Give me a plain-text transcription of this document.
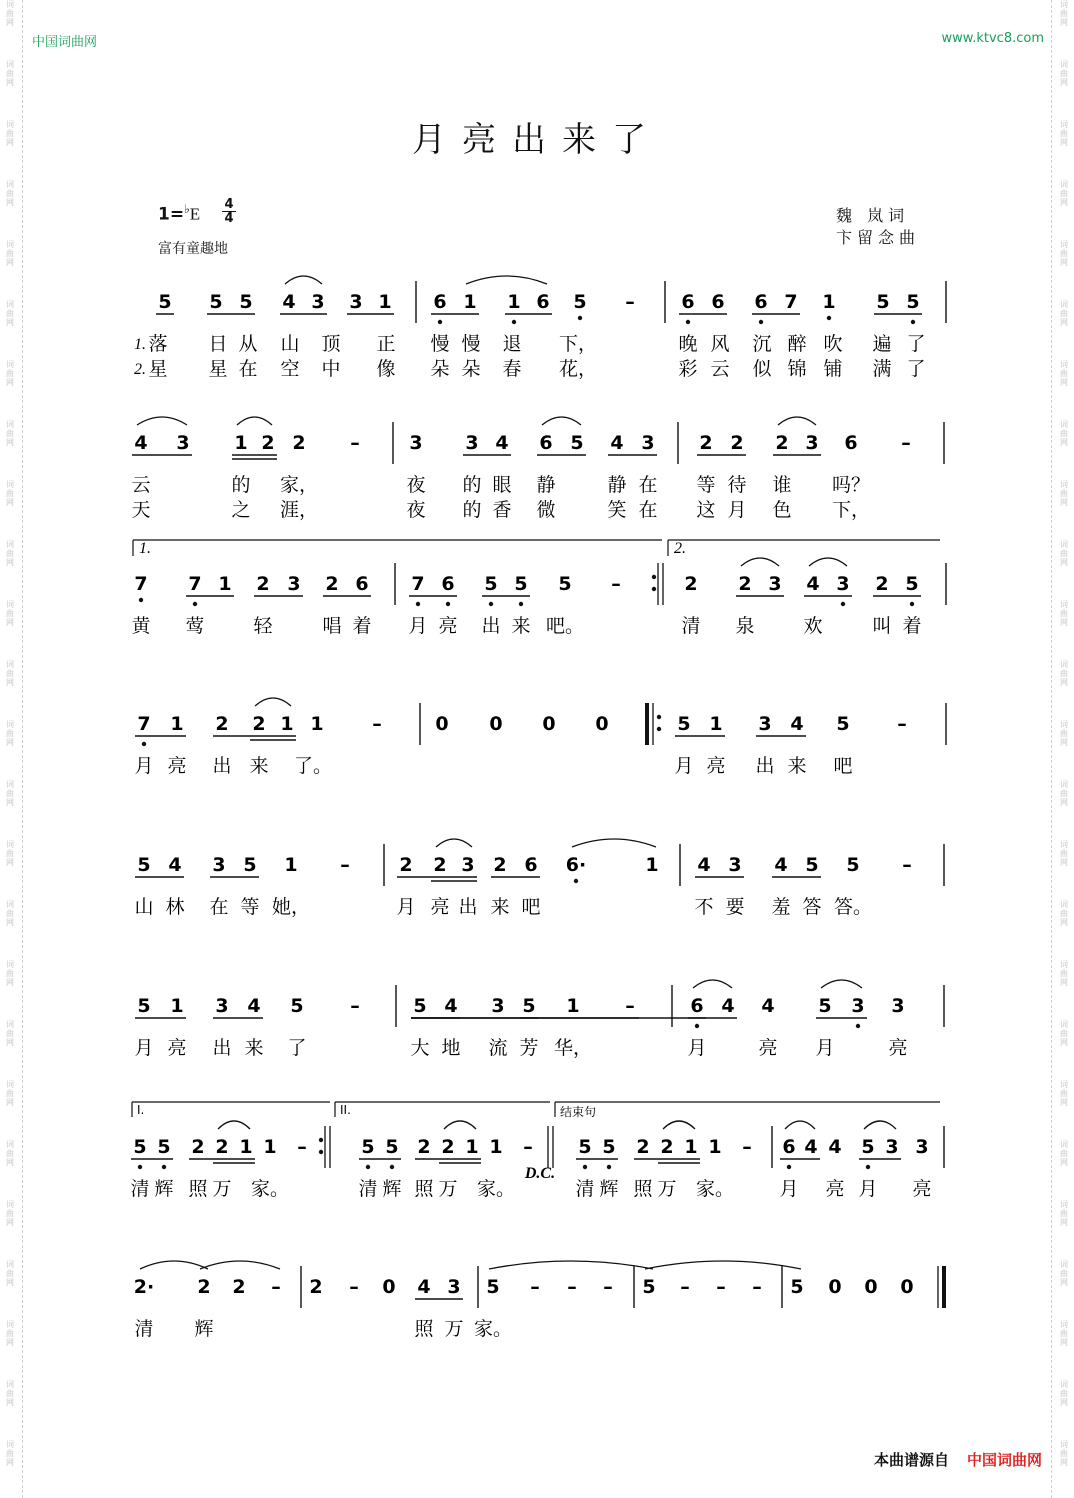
词
曲
网
词
曲
网
词
曲
网
词
曲
网
词
曲
网
词
曲
网
词
曲
网
词
曲
网
词
曲
网
词
曲
网
词
曲
网
词
曲
网
词
曲
网
词
曲
网
词
曲
网
词
曲
网
词
曲
网
词
曲
网
词
曲
网
词
曲
网
词
曲
网
词
曲
网
词
曲
网
词
曲
网
词
曲
网
词
曲
网
词
曲
网
词
曲
网
词
曲
网
词
曲
网
词
曲
网
词
曲
网
词
曲
网
词
曲
网
词
曲
网
词
曲
网
词
曲
网
词
曲
网
词
曲
网
词
曲
网
词
曲
网
词
曲
网
词
曲
网
词
曲
网
词
曲
网
词
曲
网
词
曲
网
词
曲
网
词
曲
网
词
曲
网
中国词曲网	www.ktvc8.com
月亮出来了
1=♭E
4
4
富有童趣地
魏 岚词
卞留念曲
5 5 5 4 3 3 1 6 1 1 6 5 – 6 6 6 7 1 5 5
落 日 从 山 顶 正 慢 慢 退 下，	晚 风 沉 醉 吹 遍 了
星 星 在 空 中 像 朵 朵 春 花，	彩 云 似 锦 铺 满 了
4 3 1 2 2 –	3 3 4 6 5 4 3 2 2 2 3 6 –
云	的 家，	夜 的 眼 静	静 在 等 待 谁 吗？
天	之 涯，	夜 的 香 微	笑 在 这 月 色 下，
7 7 1 2 3 2 6 7 6 5 5 5 –	2 2 3 4 3 2 5
黄 莺	轻	唱 着 月 亮 出 来 吧。	清 泉	欢	叫 着
7 1 2 2 1 1	–	0 0 0 0	5 1 3 4 5	–
月 亮 出 来 了。	月 亮 出 来 吧
5 4 3 5 1 –	2 2 3 2 6 6·	1 4 3 4 5 5 –
山 林 在 等 她，	月 亮 出 来 吧	不 要 羞 答 答。
5 1 3 4 5 –	5 4 3 5 1 –	6 4 4 5 3 3
月 亮 出 来 了	大 地 流 芳 华，	月	亮 月	亮
5 5 2 2 1 1 –	5 5 2 2 1 1 – 5 5 2 2 1 1 – 6 4 4 5 3 3
清 辉 照 万 家。	清 辉 照 万 家。	清 辉 照 万 家。 月 亮 月 亮
2· 2 2 – 2 – 0 4 3 5 – – – 5 – – – 5 0 0 0
清 辉	照 万 家。
1.
2.
1.	2.
I.	II.	结束句
D.C.
本曲谱源自 中国词曲网
